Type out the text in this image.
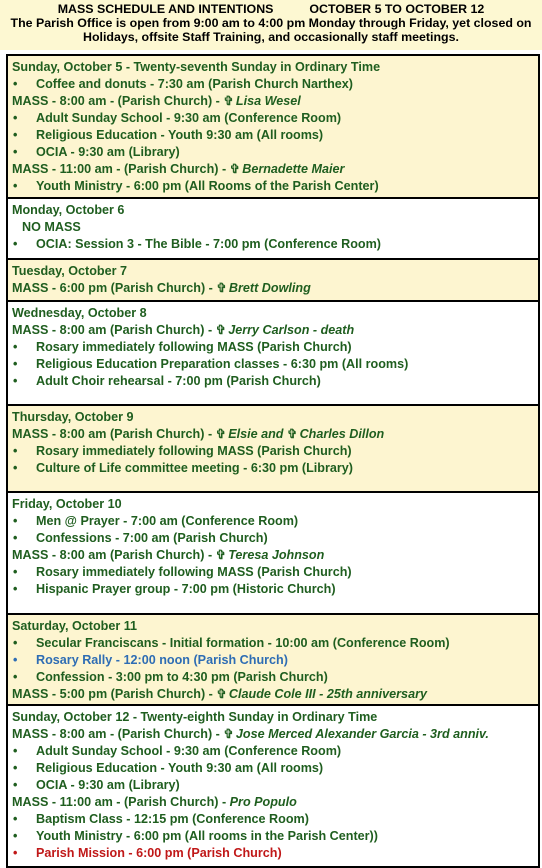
MASS SCHEDULE AND INTENTIONS	OCTOBER 5 TO OCTOBER 12
The Parish Office is open from 9:00 am to 4:00 pm Monday through Friday, yet closed on
Holidays, offsite Staff Training, and occasionally staff meetings.
Sunday, October 5 - Twenty-seventh Sunday in Ordinary Time
• Coffee and donuts - 7:30 am (Parish Church Narthex)
MASS - 8:00 am - (Parish Church) - ✞ Lisa Wesel
• Adult Sunday School - 9:30 am (Conference Room)
• Religious Education - Youth 9:30 am (All rooms)
• OCIA - 9:30 am (Library)
MASS - 11:00 am - (Parish Church) - ✞ Bernadette Maier
• Youth Ministry - 6:00 pm (All Rooms of the Parish Center)
Monday, October 6
NO MASS
• OCIA: Session 3 - The Bible - 7:00 pm (Conference Room)
Tuesday, October 7
MASS - 6:00 pm (Parish Church) - ✞ Brett Dowling
Wednesday, October 8
MASS - 8:00 am (Parish Church) - ✞ Jerry Carlson - death
• Rosary immediately following MASS (Parish Church)
• Religious Education Preparation classes - 6:30 pm (All rooms)
• Adult Choir rehearsal - 7:00 pm (Parish Church)
Thursday, October 9
MASS - 8:00 am (Parish Church) - ✞ Elsie and ✞ Charles Dillon
• Rosary immediately following MASS (Parish Church)
• Culture of Life committee meeting - 6:30 pm (Library)
Friday, October 10
• Men @ Prayer - 7:00 am (Conference Room)
• Confessions - 7:00 am (Parish Church)
MASS - 8:00 am (Parish Church) - ✞ Teresa Johnson
• Rosary immediately following MASS (Parish Church)
• Hispanic Prayer group - 7:00 pm (Historic Church)
Saturday, October 11
• Secular Franciscans - Initial formation - 10:00 am (Conference Room)
• Rosary Rally - 12:00 noon (Parish Church)
• Confession - 3:00 pm to 4:30 pm (Parish Church)
MASS - 5:00 pm (Parish Church) - ✞ Claude Cole III - 25th anniversary
Sunday, October 12 - Twenty-eighth Sunday in Ordinary Time
MASS - 8:00 am - (Parish Church) - ✞ Jose Merced Alexander Garcia - 3rd anniv.
• Adult Sunday School - 9:30 am (Conference Room)
• Religious Education - Youth 9:30 am (All rooms)
• OCIA - 9:30 am (Library)
MASS - 11:00 am - (Parish Church) - Pro Populo
• Baptism Class - 12:15 pm (Conference Room)
• Youth Ministry - 6:00 pm (All rooms in the Parish Center))
• Parish Mission - 6:00 pm (Parish Church)
